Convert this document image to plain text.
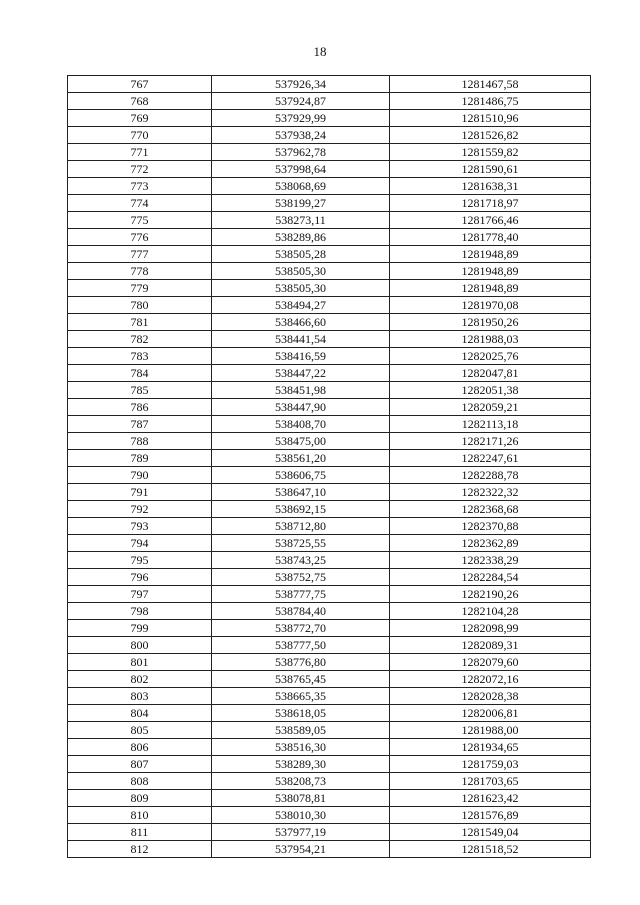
18
767	537926,34	1281467,58
768	537924,87	1281486,75
769	537929,99	1281510,96
770	537938,24	1281526,82
771	537962,78	1281559,82
772	537998,64	1281590,61
773	538068,69	1281638,31
774	538199,27	1281718,97
775	538273,11	1281766,46
776	538289,86	1281778,40
777	538505,28	1281948,89
778	538505,30	1281948,89
779	538505,30	1281948,89
780	538494,27	1281970,08
781	538466,60	1281950,26
782	538441,54	1281988,03
783	538416,59	1282025,76
784	538447,22	1282047,81
785	538451,98	1282051,38
786	538447,90	1282059,21
787	538408,70	1282113,18
788	538475,00	1282171,26
789	538561,20	1282247,61
790	538606,75	1282288,78
791	538647,10	1282322,32
792	538692,15	1282368,68
793	538712,80	1282370,88
794	538725,55	1282362,89
795	538743,25	1282338,29
796	538752,75	1282284,54
797	538777,75	1282190,26
798	538784,40	1282104,28
799	538772,70	1282098,99
800	538777,50	1282089,31
801	538776,80	1282079,60
802	538765,45	1282072,16
803	538665,35	1282028,38
804	538618,05	1282006,81
805	538589,05	1281988,00
806	538516,30	1281934,65
807	538289,30	1281759,03
808	538208,73	1281703,65
809	538078,81	1281623,42
810	538010,30	1281576,89
811	537977,19	1281549,04
812	537954,21	1281518,52
